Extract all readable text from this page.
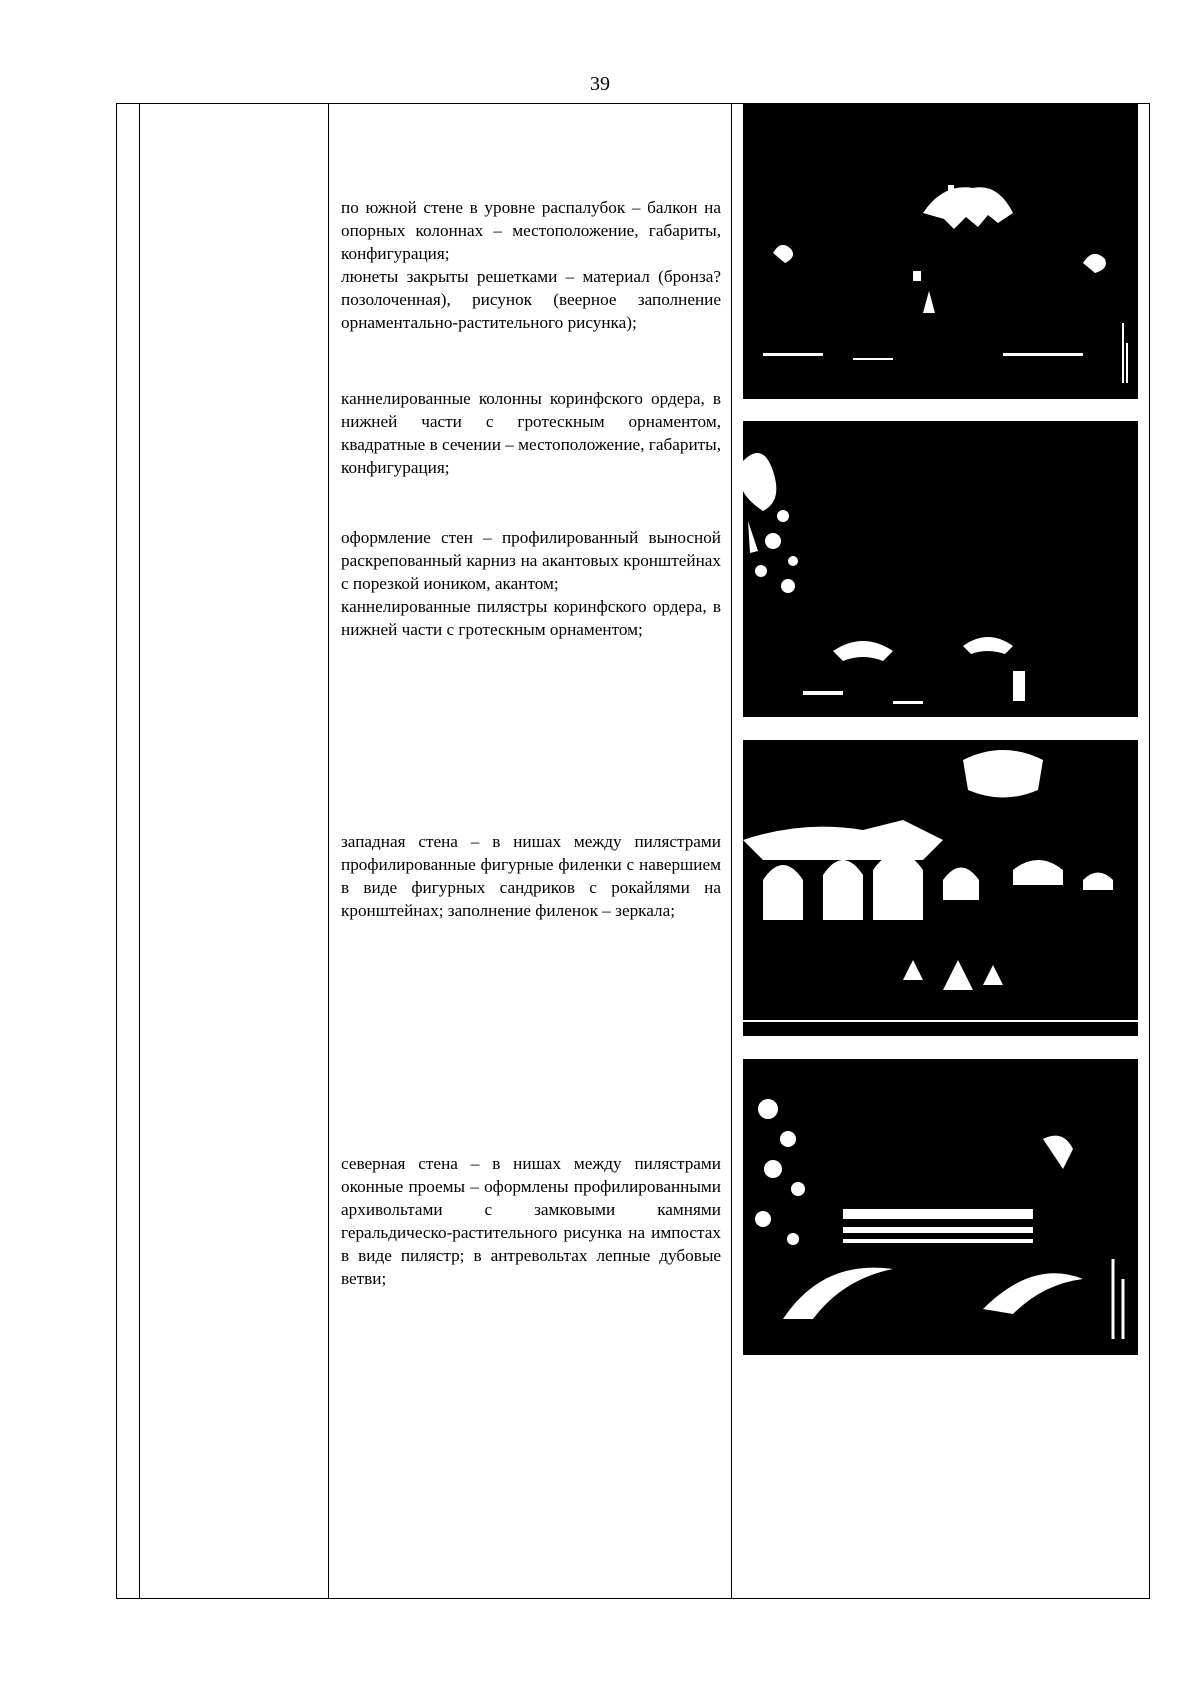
39

по южной стене в уровне распалубок – балкон на опорных колоннах – местоположение, габариты, конфигурация;

люнеты закрыты решетками – материал (бронза? позолоченная), рисунок (веерное заполнение орнаментально-растительного рисунка);

каннелированные колонны коринфского ордера, в нижней части с гротескным орнаментом, квадратные в сечении – местоположение, габариты, конфигурация;

оформление стен – профилированный выносной раскрепованный карниз на акантовых кронштейнах с порезкой иоником, акантом;

каннелированные пилястры коринфского ордера, в нижней части с гротескным орнаментом;

западная стена – в нишах между пилястрами профилированные фигурные филенки с навершием в виде фигурных сандриков с рокайлями на кронштейнах; заполнение филенок – зеркала;

северная стена – в нишах между пилястрами оконные проемы – оформлены профилированными архивольтами с замковыми камнями геральдическо-растительного рисунка на импостах в виде пилястр; в антревольтах лепные дубовые ветви;
